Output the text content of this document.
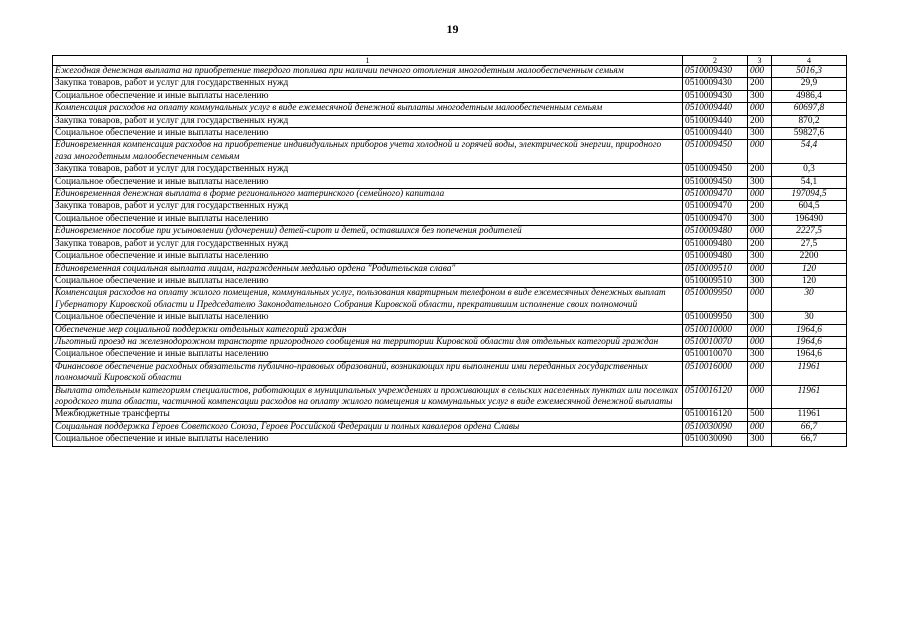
19
1	2	3	4
Ежегодная денежная выплата на приобретение твердого топлива при наличии печного отопления многодетным малообеспеченным семьям	0510009430	000	5016,3
Закупка товаров, работ и услуг для государственных нужд	0510009430	200	29,9
Социальное обеспечение и иные выплаты населению	0510009430	300	4986,4
Компенсация расходов на оплату коммунальных услуг в виде ежемесячной денежной выплаты многодетным малообеспеченным семьям	0510009440	000	60697,8
Закупка товаров, работ и услуг для государственных нужд	0510009440	200	870,2
Социальное обеспечение и иные выплаты населению	0510009440	300	59827,6
Единовременная компенсация расходов на приобретение индивидуальных приборов учета холодной и горячей воды, электрической энергии, природного газа многодетным малообеспеченным семьям	0510009450	000	54,4
Закупка товаров, работ и услуг для государственных нужд	0510009450	200	0,3
Социальное обеспечение и иные выплаты населению	0510009450	300	54,1
Единовременная денежная выплата в форме регионального материнского (семейного) капитала	0510009470	000	197094,5
Закупка товаров, работ и услуг для государственных нужд	0510009470	200	604,5
Социальное обеспечение и иные выплаты населению	0510009470	300	196490
Единовременное пособие при усыновлении (удочерении) детей-сирот и детей, оставшихся без попечения родителей	0510009480	000	2227,5
Закупка товаров, работ и услуг для государственных нужд	0510009480	200	27,5
Социальное обеспечение и иные выплаты населению	0510009480	300	2200
Единовременная социальная выплата лицам, награжденным медалью ордена "Родительская слава"	0510009510	000	120
Социальное обеспечение и иные выплаты населению	0510009510	300	120
Компенсация расходов на оплату жилого помещения, коммунальных услуг, пользования квартирным телефоном в виде ежемесячных денежных выплат Губернатору Кировской области и Председателю Законодательного Собрания Кировской области, прекратившим исполнение своих полномочий	0510009950	000	30
Социальное обеспечение и иные выплаты населению	0510009950	300	30
Обеспечение мер социальной поддержки отдельных категорий граждан	0510010000	000	1964,6
Льготный проезд на железнодорожном транспорте пригородного сообщения на территории Кировской области для отдельных категорий граждан	0510010070	000	1964,6
Социальное обеспечение и иные выплаты населению	0510010070	300	1964,6
Финансовое обеспечение расходных обязательств публично-правовых образований, возникающих при выполнении ими переданных государственных полномочий Кировской области	0510016000	000	11961
Выплата отдельным категориям специалистов, работающих в муниципальных учреждениях и проживающих в сельских населенных пунктах или поселках городского типа области, частичной компенсации расходов на оплату жилого помещения и коммунальных услуг в виде ежемесячной денежной выплаты	0510016120	000	11961
Межбюджетные трансферты	0510016120	500	11961
Социальная поддержка Героев Советского Союза, Героев Российской Федерации и полных кавалеров ордена Славы	0510030090	000	66,7
Социальное обеспечение и иные выплаты населению	0510030090	300	66,7
